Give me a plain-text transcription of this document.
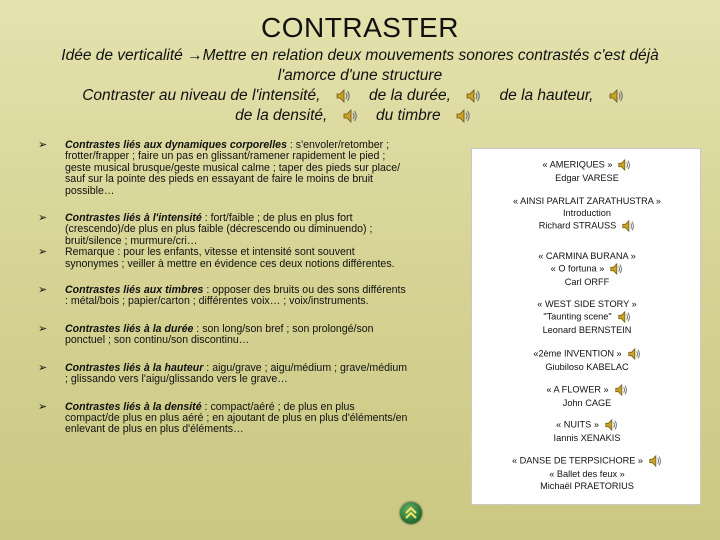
CONTRASTER
Idée de verticalité →Mettre en relation deux mouvements sonores contrastés c'est déjà
l'amorce d'une structure
Contraster au niveau de l'intensité,	de la durée,	de la hauteur,
de la densité,	du timbre
➢	Contrastes liés aux dynamiques corporelles : s'envoler/retomber ; frotter/frapper ; faire un pas en glissant/ramener rapidement le pied ; geste musical brusque/geste musical calme ; taper des pieds sur place/ sauf sur la pointe des pieds en essayant de faire le moins de bruit possible…
➢	Contrastes liés à l'intensité : fort/faible ; de plus en plus fort (crescendo)/de plus en plus faible (décrescendo ou diminuendo) ; bruit/silence ; murmure/cri…
➢	Remarque : pour les enfants, vitesse et intensité sont souvent synonymes ; veiller à mettre en évidence ces deux notions différentes.
➢	Contrastes liés aux timbres : opposer des bruits ou des sons différents : métal/bois ; papier/carton ; différentes voix… ; voix/instruments.
➢	Contrastes liés à la durée : son long/son bref ; son prolongé/son ponctuel ; son continu/son discontinu…
➢	Contrastes liés à la hauteur : aigu/grave ; aigu/médium ; grave/médium ; glissando vers l'aigu/glissando vers le grave…
➢	Contrastes liés à la densité : compact/aéré ; de plus en plus compact/de plus en plus aéré ; en ajoutant de plus en plus d'éléments/en enlevant de plus en plus d'éléments…
« AMERIQUES »
Edgar VARESE
« AINSI PARLAIT ZARATHUSTRA »
Introduction
Richard STRAUSS
« CARMINA BURANA »
« O fortuna »
Carl ORFF
« WEST SIDE STORY »
"Taunting scene"
Leonard BERNSTEIN
«2ème INVENTION »
Giubiloso KABELAC
« A FLOWER »
John CAGE
« NUITS »
Iannis XENAKIS
« DANSE DE TERPSICHORE »
« Ballet des feux »
Michaël PRAETORIUS
